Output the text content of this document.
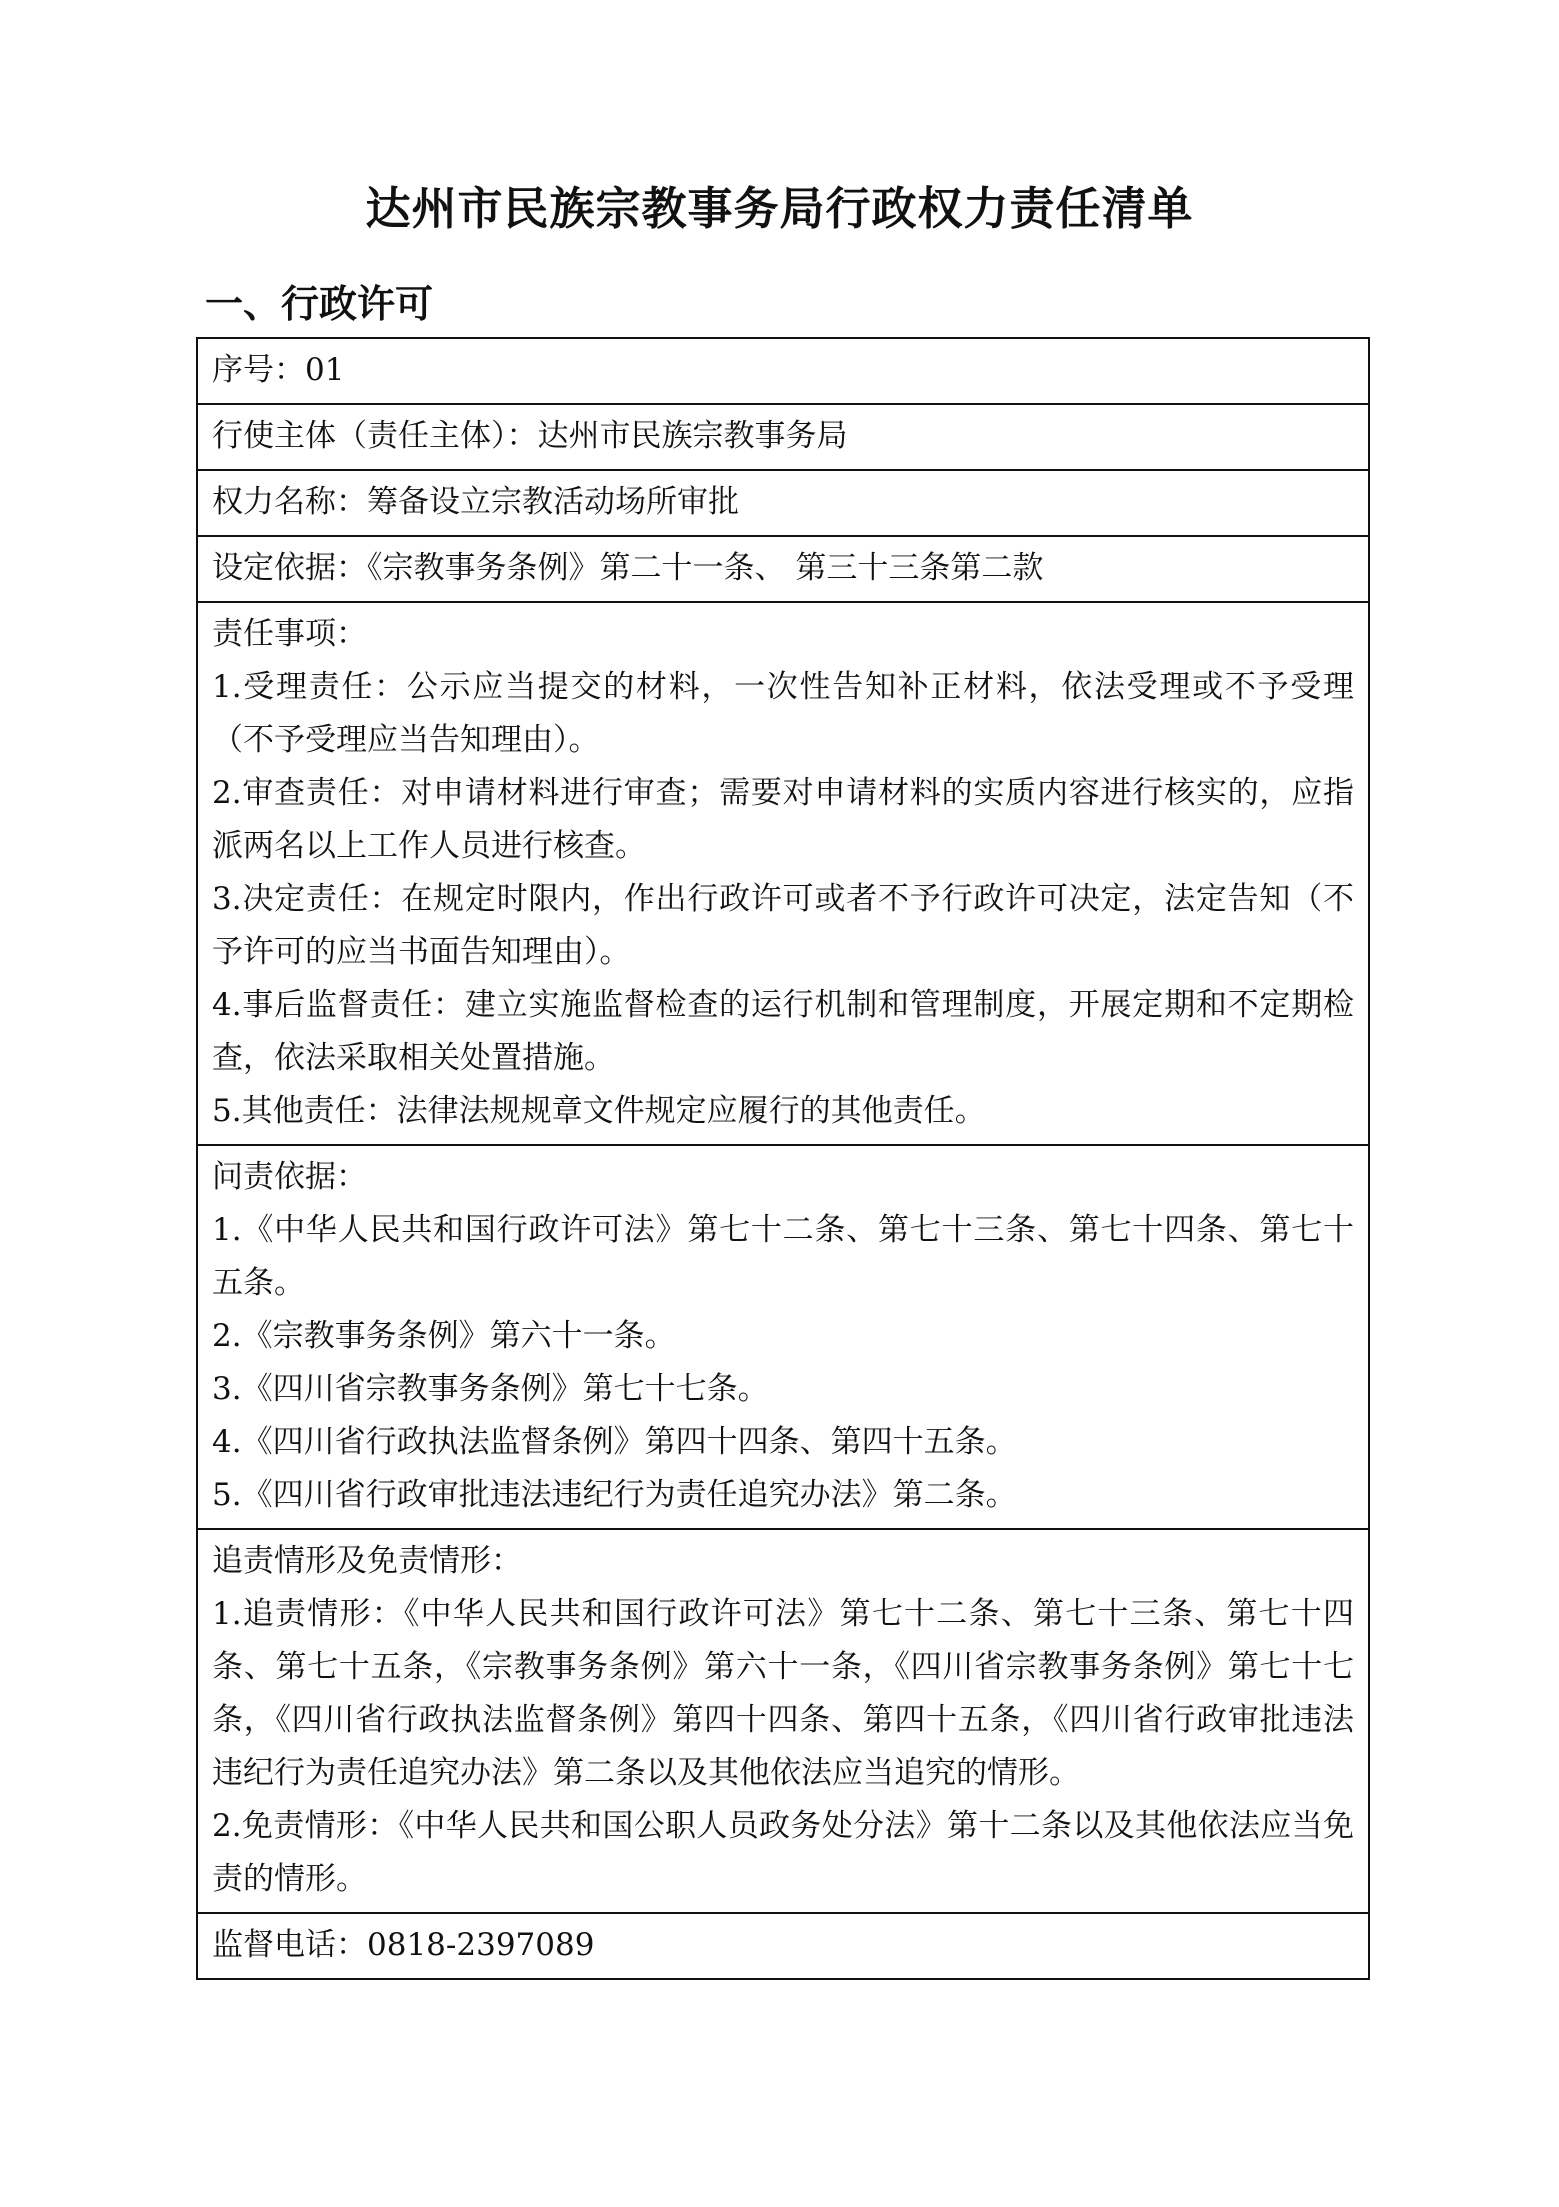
达州市民族宗教事务局行政权力责任清单
一、行政许可
序号：01
行使主体（责任主体）：达州市民族宗教事务局
权力名称：筹备设立宗教活动场所审批
设定依据：《宗教事务条例》第二十一条、 第三十三条第二款

责任事项：
1.受理责任：公示应当提交的材料，一次性告知补正材料，依法受理或不予受理（不予受理应当告知理由）。
2.审查责任：对申请材料进行审查；需要对申请材料的实质内容进行核实的，应指派两名以上工作人员进行核查。
3.决定责任：在规定时限内，作出行政许可或者不予行政许可决定，法定告知（不予许可的应当书面告知理由）。
4.事后监督责任：建立实施监督检查的运行机制和管理制度，开展定期和不定期检查，依法采取相关处置措施。
5.其他责任：法律法规规章文件规定应履行的其他责任。

问责依据：
1.《中华人民共和国行政许可法》第七十二条、第七十三条、第七十四条、第七十五条。
2.《宗教事务条例》第六十一条。
3.《四川省宗教事务条例》第七十七条。
4.《四川省行政执法监督条例》第四十四条、第四十五条。
5.《四川省行政审批违法违纪行为责任追究办法》第二条。

追责情形及免责情形：
1.追责情形：《中华人民共和国行政许可法》第七十二条、第七十三条、第七十四条、第七十五条，《宗教事务条例》第六十一条，《四川省宗教事务条例》第七十七条，《四川省行政执法监督条例》第四十四条、第四十五条，《四川省行政审批违法违纪行为责任追究办法》第二条以及其他依法应当追究的情形。
2.免责情形：《中华人民共和国公职人员政务处分法》第十二条以及其他依法应当免责的情形。

监督电话：0818-2397089
